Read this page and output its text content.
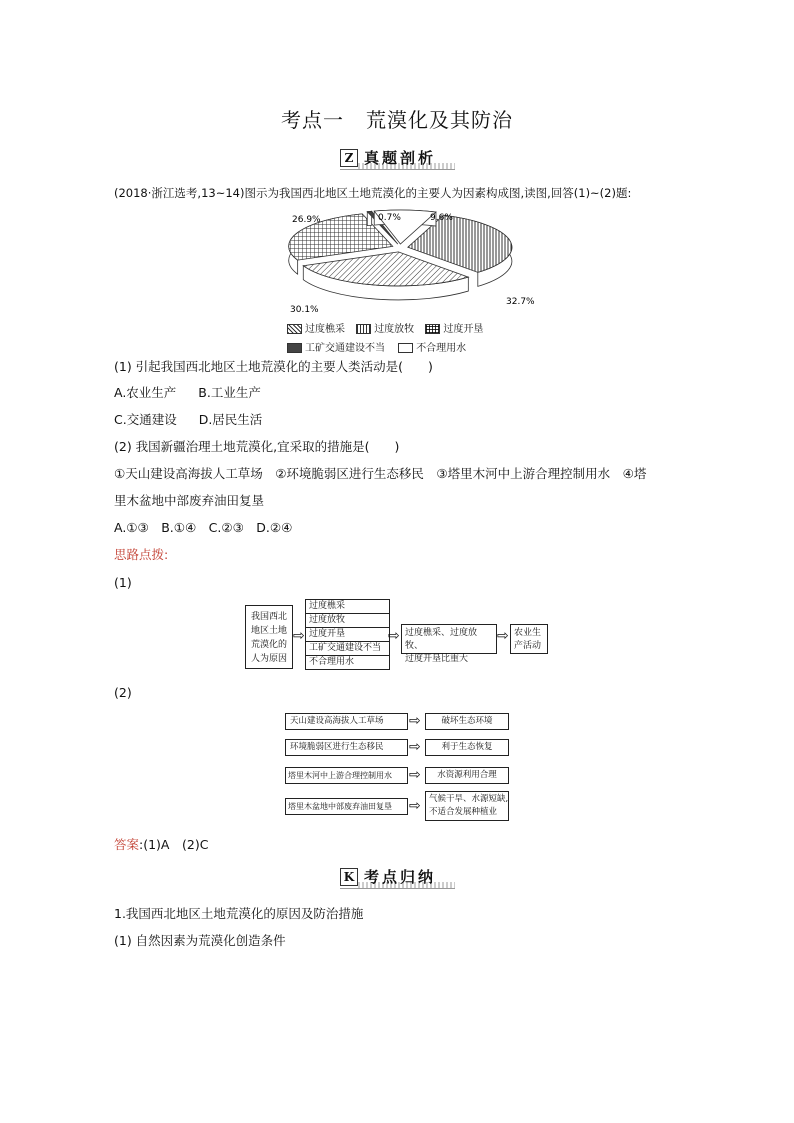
考点一 荒漠化及其防治
Z 真题剖析
(2018·浙江选考,13~14)图示为我国西北地区土地荒漠化的主要人为因素构成图,读图,回答(1)~(2)题:
32.7%
30.1%
26.9%	0.7%	9.6%
过度樵采	过度放牧	过度开垦
工矿交通建设不当	不合理用水
(1) 引起我国西北地区土地荒漠化的主要人类活动是(　　)
A.农业生产 B.工业生产
C.交通建设 D.居民生活
(2) 我国新疆治理土地荒漠化,宜采取的措施是(　　)
①天山建设高海拔人工草场　②环境脆弱区进行生态移民　③塔里木河中上游合理控制用水　④塔
里木盆地中部废弃油田复垦
A.①③　B.①④　C.②③　D.②④
思路点拨:
(1)
我国西北
地区土地
荒漠化的
人为原因
⇨
过度樵采
过度放牧
过度开垦
工矿交通建设不当
不合理用水
⇨ 过度樵采、过度放牧、
过度开垦比重大
⇨ 农业生
产活动
(2)
天山建设高海拔人工草场	⇨	破坏生态环境
环境脆弱区进行生态移民	⇨	利于生态恢复
塔里木河中上游合理控制用水	⇨	水资源利用合理
塔里木盆地中部废弃油田复垦	⇨ 气候干旱、水源短缺,
不适合发展种植业
答案:(1)A　(2)C
K 考点归纳
1.我国西北地区土地荒漠化的原因及防治措施
(1) 自然因素为荒漠化创造条件
